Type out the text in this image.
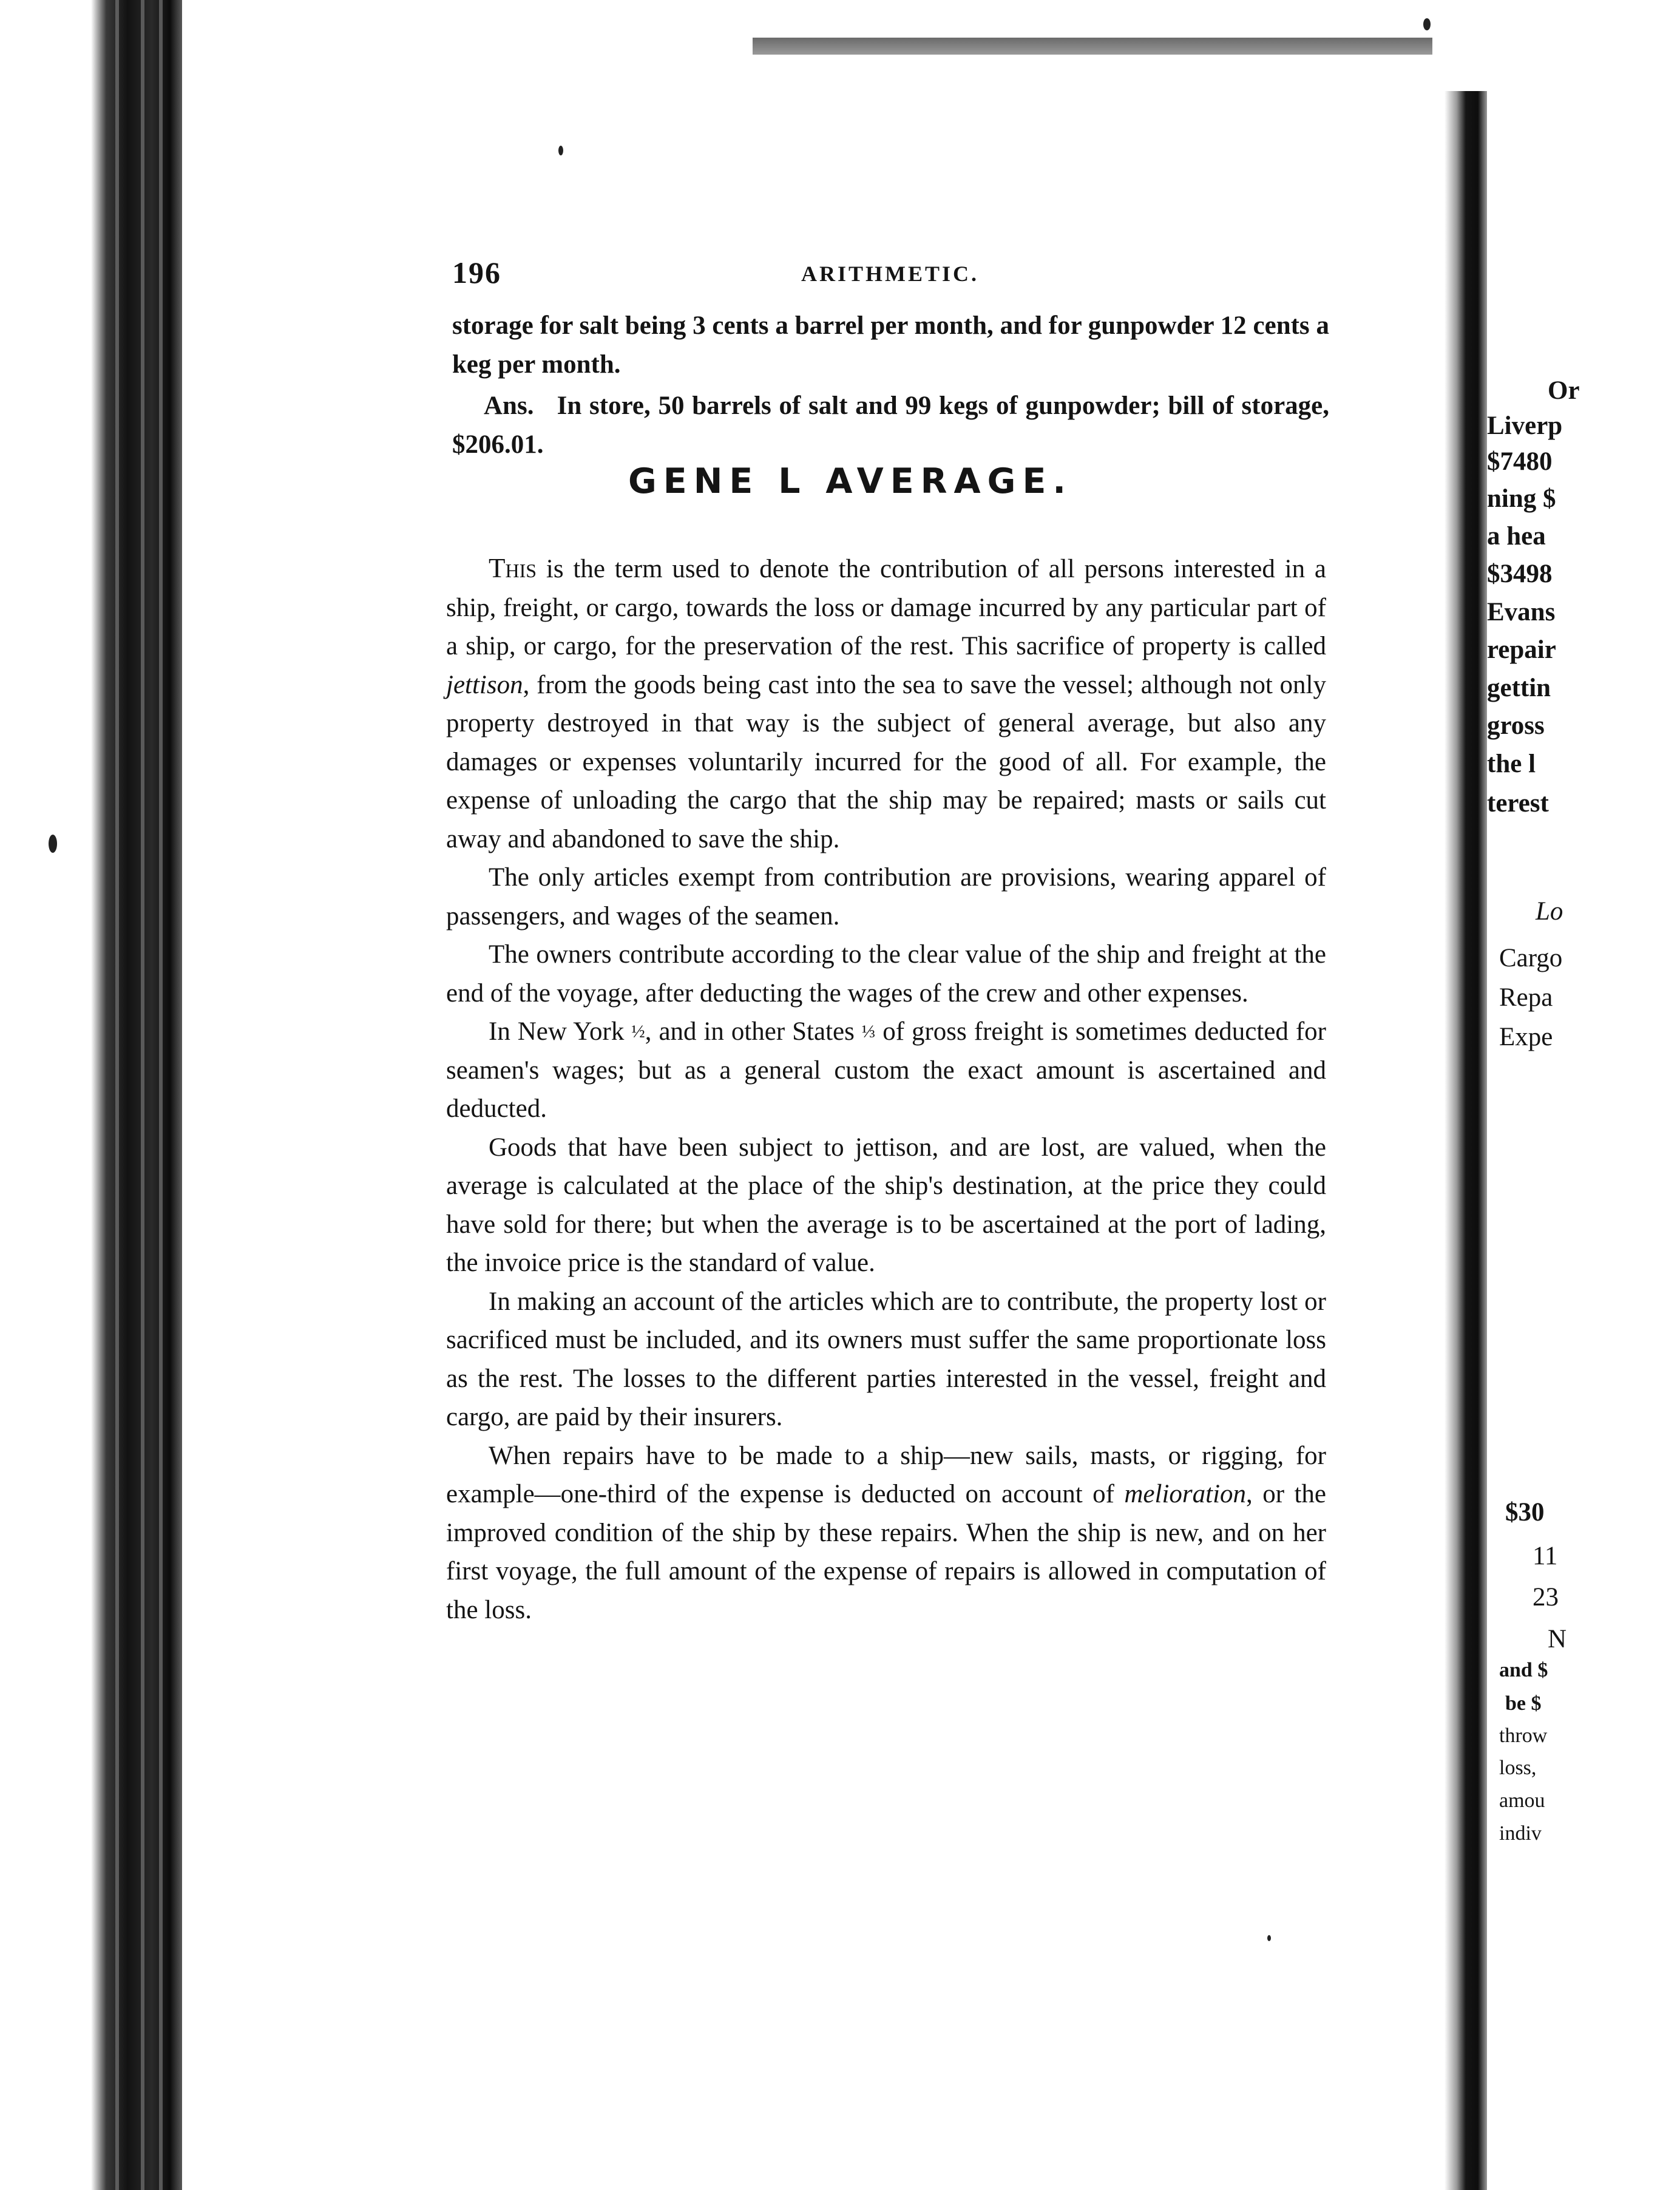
196	ARITHMETIC.
storage for salt being 3 cents a barrel per month, and for gunpowder 12 cents a keg per month.
Ans. In store, 50 barrels of salt and 99 kegs of gunpowder; bill of storage, $206.01.
GENE L AVERAGE.

This is the term used to denote the contribution of all persons interested in a ship, freight, or cargo, towards the loss or damage incurred by any particular part of a ship, or cargo, for the preservation of the rest. This sacrifice of property is called jettison, from the goods being cast into the sea to save the vessel; although not only property destroyed in that way is the subject of general average, but also any damages or expenses voluntarily incurred for the good of all. For example, the expense of unloading the cargo that the ship may be repaired; masts or sails cut away and abandoned to save the ship.

The only articles exempt from contribution are provisions, wearing apparel of passengers, and wages of the seamen.

The owners contribute according to the clear value of the ship and freight at the end of the voyage, after deducting the wages of the crew and other expenses.

In New York ½, and in other States ⅓ of gross freight is sometimes deducted for seamen's wages; but as a general custom the exact amount is ascertained and deducted.

Goods that have been subject to jettison, and are lost, are valued, when the average is calculated at the place of the ship's destination, at the price they could have sold for there; but when the average is to be ascertained at the port of lading, the invoice price is the standard of value.

In making an account of the articles which are to contribute, the property lost or sacrificed must be included, and its owners must suffer the same proportionate loss as the rest. The losses to the different parties interested in the vessel, freight and cargo, are paid by their insurers.

When repairs have to be made to a ship—new sails, masts, or rigging, for example—one-third of the expense is deducted on account of melioration, or the improved condition of the ship by these repairs. When the ship is new, and on her first voyage, the full amount of the expense of repairs is allowed in computation of the loss.

Or
Liverp
$7480
ning $
a hea
$3498
Evans
repair
gettin
gross
the l
terest
Lo
Cargo
Repa
Expe
$30
11
23
N
and $
be $
throw
loss,
amou
indiv
